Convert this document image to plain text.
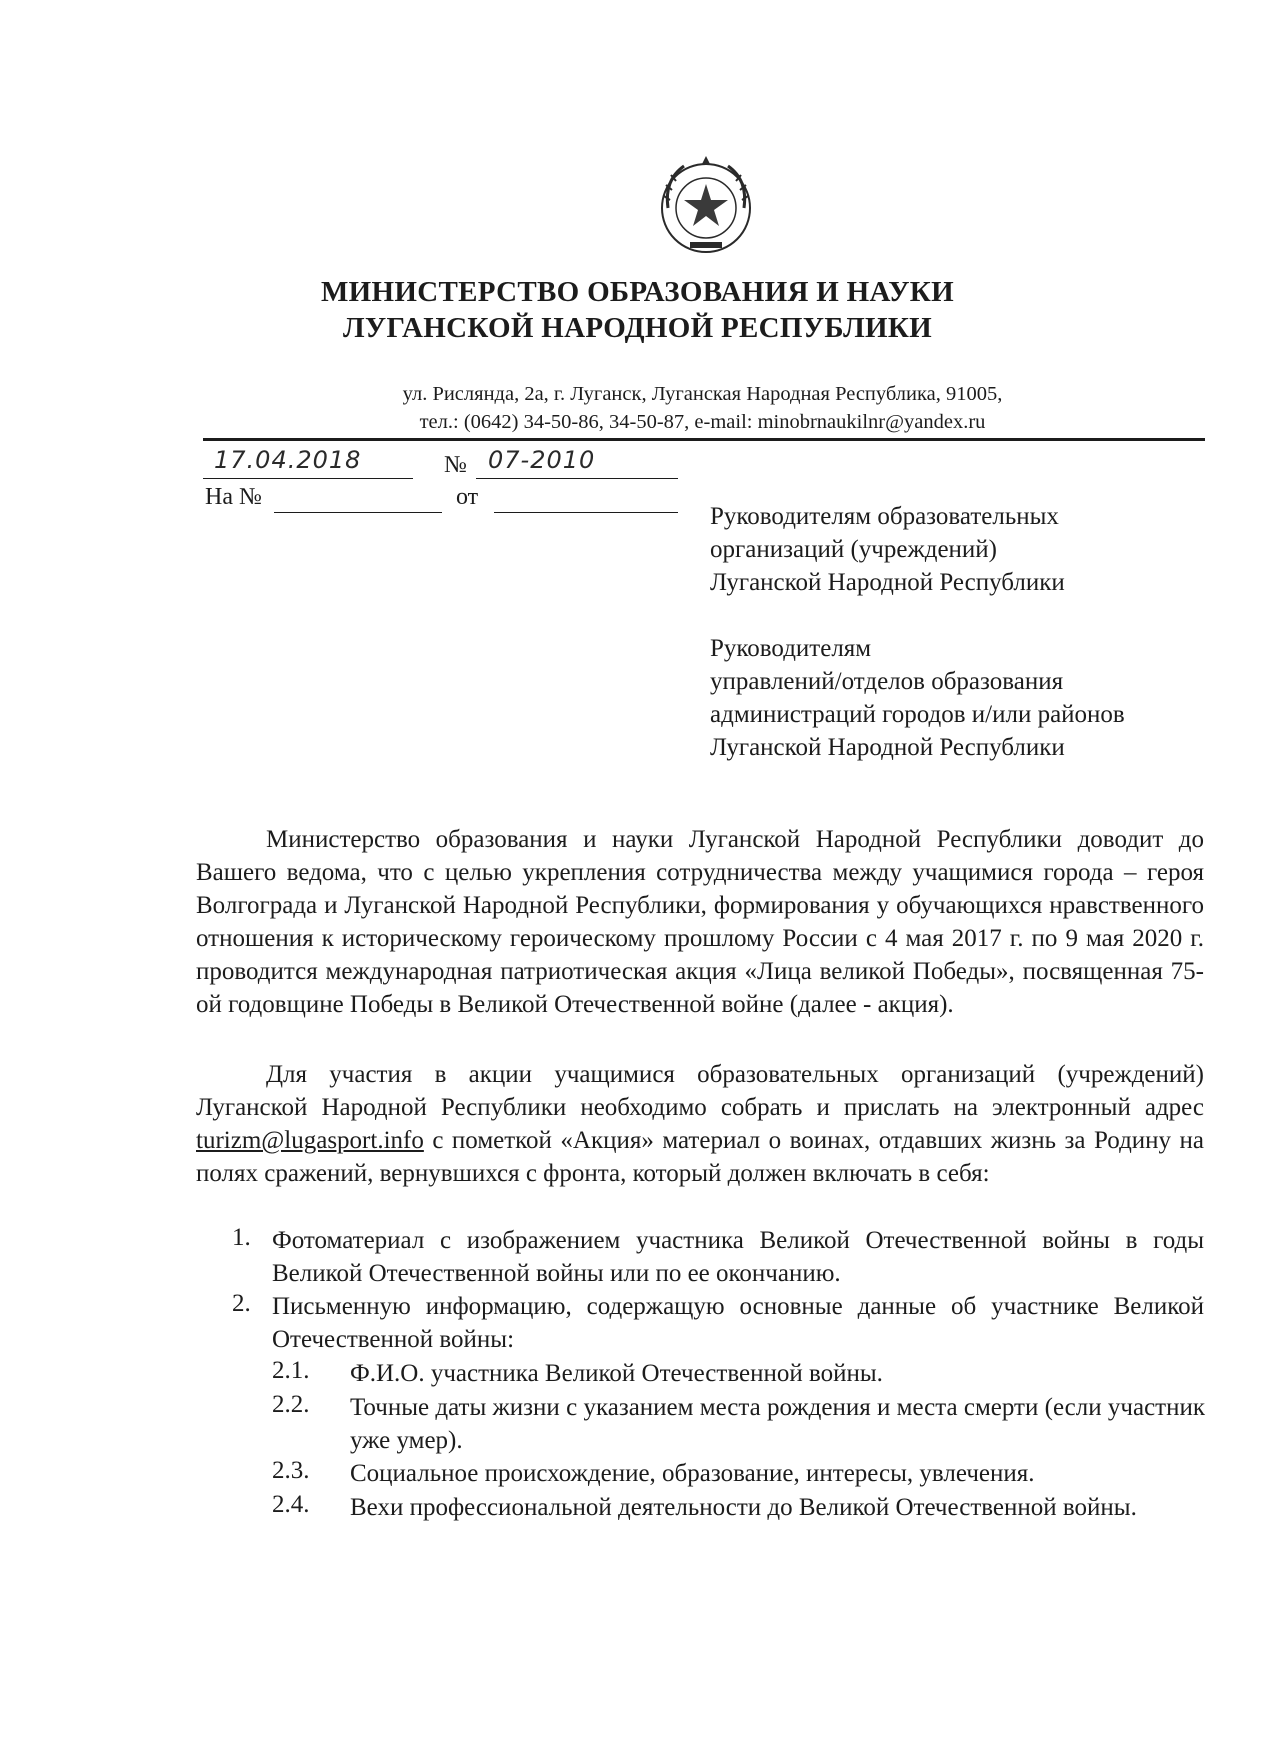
МИНИСТЕРСТВО ОБРАЗОВАНИЯ И НАУКИ
ЛУГАНСКОЙ НАРОДНОЙ РЕСПУБЛИКИ
ул. Рисляндa, 2а, г. Луганск, Луганская Народная Республика, 91005,
тел.: (0642) 34-50-86, 34-50-87, e-mail: minobrnaukilnr@yandex.ru
17.04.2018	№ 07-2010
На №	от
Руководителям образовательных
организаций (учреждений)
Луганской Народной Республики
Руководителям
управлений/отделов образования
администраций городов и/или районов
Луганской Народной Республики

Министерство образования и науки Луганской Народной Республики доводит до Вашего ведома, что с целью укрепления сотрудничества между учащимися города – героя Волгограда и Луганской Народной Республики, формирования у обучающихся нравственного отношения к историческому героическому прошлому России с 4 мая 2017 г. по 9 мая 2020 г. проводится международная патриотическая акция «Лица великой Победы», посвященная 75-ой годовщине Победы в Великой Отечественной войне (далее - акция).

Для участия в акции учащимися образовательных организаций (учреждений) Луганской Народной Республики необходимо собрать и прислать на электронный адрес turizm@lugasport.info с пометкой «Акция» материал о воинах, отдавших жизнь за Родину на полях сражений, вернувшихся с фронта, который должен включать в себя:

1. Фотоматериал с изображением участника Великой Отечественной войны в годы Великой Отечественной войны или по ее окончанию.
2. Письменную информацию, содержащую основные данные об участнике Великой Отечественной войны:
2.1. Ф.И.О. участника Великой Отечественной войны.
2.2. Точные даты жизни с указанием места рождения и места смерти (если участник уже умер).
2.3. Социальное происхождение, образование, интересы, увлечения.
2.4. Вехи профессиональной деятельности до Великой Отечественной войны.
